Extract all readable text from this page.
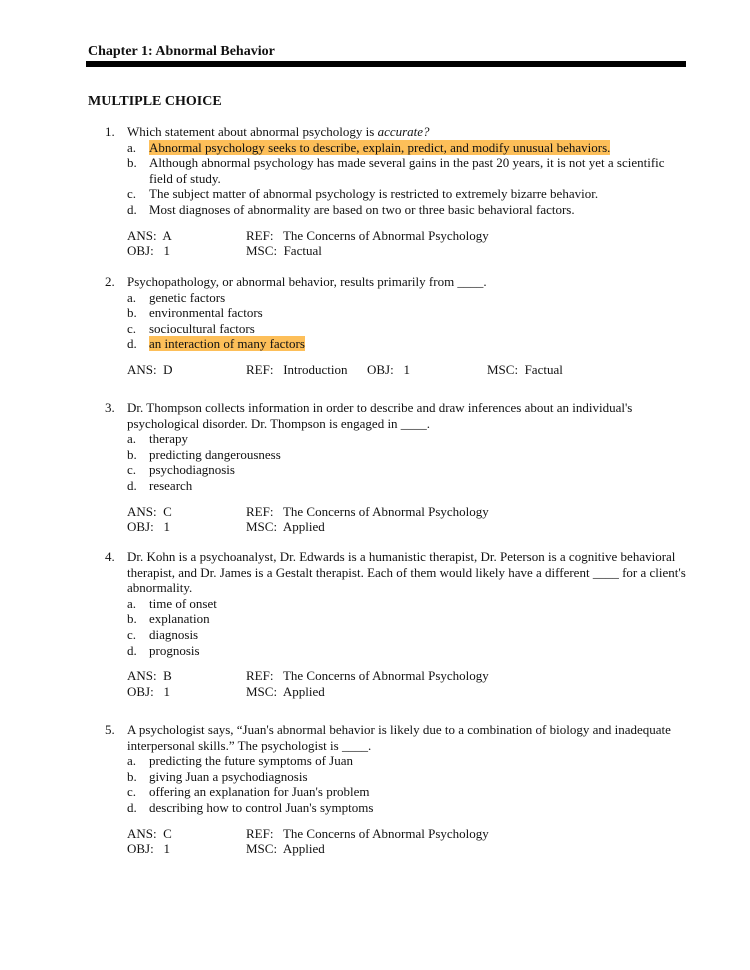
Chapter 1: Abnormal Behavior
MULTIPLE CHOICE
1. Which statement about abnormal psychology is accurate?
a. Abnormal psychology seeks to describe, explain, predict, and modify unusual behaviors.
b. Although abnormal psychology has made several gains in the past 20 years, it is not yet a scientific field of study.
c. The subject matter of abnormal psychology is restricted to extremely bizarre behavior.
d. Most diagnoses of abnormality are based on two or three basic behavioral factors.
ANS:  A	REF:   The Concerns of Abnormal Psychology
OBJ:   1	MSC:  Factual
2. Psychopathology, or abnormal behavior, results primarily from ____.
a. genetic factors
b. environmental factors
c. sociocultural factors
d. an interaction of many factors
ANS:  D	REF:   Introduction OBJ:   1	MSC:  Factual
3. Dr. Thompson collects information in order to describe and draw inferences about an individual's psychological disorder. Dr. Thompson is engaged in ____.
a. therapy
b. predicting dangerousness
c. psychodiagnosis
d. research
ANS:  C	REF:   The Concerns of Abnormal Psychology
OBJ:   1	MSC:  Applied
4. Dr. Kohn is a psychoanalyst, Dr. Edwards is a humanistic therapist, Dr. Peterson is a cognitive behavioral therapist, and Dr. James is a Gestalt therapist. Each of them would likely have a different ____ for a client's abnormality.
a. time of onset
b. explanation
c. diagnosis
d. prognosis
ANS:  B	REF:   The Concerns of Abnormal Psychology
OBJ:   1	MSC:  Applied
5. A psychologist says, “Juan's abnormal behavior is likely due to a combination of biology and inadequate interpersonal skills.” The psychologist is ____.
a. predicting the future symptoms of Juan
b. giving Juan a psychodiagnosis
c. offering an explanation for Juan's problem
d. describing how to control Juan's symptoms
ANS:  C	REF:   The Concerns of Abnormal Psychology
OBJ:   1	MSC:  Applied
